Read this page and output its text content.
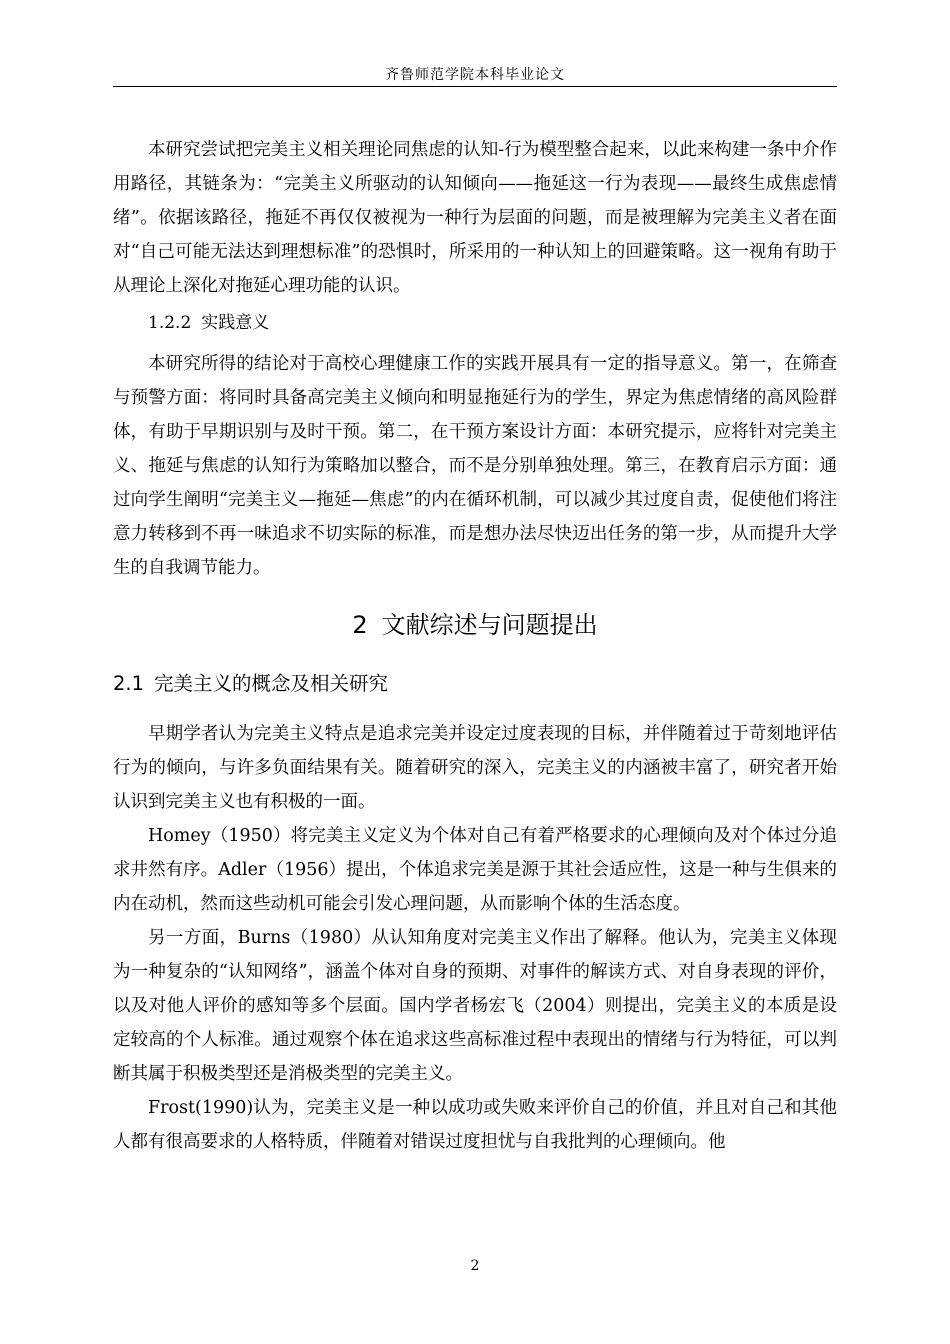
齐鲁师范学院本科毕业论文

本研究尝试把完美主义相关理论同焦虑的认知-行为模型整合起来，以此来构建一条中介作用路径，其链条为：“完美主义所驱动的认知倾向——拖延这一行为表现——最终生成焦虑情绪”。依据该路径，拖延不再仅仅被视为一种行为层面的问题，而是被理解为完美主义者在面对“自己可能无法达到理想标准”的恐惧时，所采用的一种认知上的回避策略。这一视角有助于从理论上深化对拖延心理功能的认识。

1.2.2 实践意义

本研究所得的结论对于高校心理健康工作的实践开展具有一定的指导意义。第一，在筛查与预警方面：将同时具备高完美主义倾向和明显拖延行为的学生，界定为焦虑情绪的高风险群体，有助于早期识别与及时干预。第二，在干预方案设计方面：本研究提示，应将针对完美主义、拖延与焦虑的认知行为策略加以整合，而不是分别单独处理。第三，在教育启示方面：通过向学生阐明“完美主义—拖延—焦虑”的内在循环机制，可以减少其过度自责，促使他们将注意力转移到不再一味追求不切实际的标准，而是想办法尽快迈出任务的第一步，从而提升大学生的自我调节能力。

2 文献综述与问题提出
2.1 完美主义的概念及相关研究

早期学者认为完美主义特点是追求完美并设定过度表现的目标，并伴随着过于苛刻地评估行为的倾向，与许多负面结果有关。随着研究的深入，完美主义的内涵被丰富了，研究者开始认识到完美主义也有积极的一面。

Homey（1950）将完美主义定义为个体对自己有着严格要求的心理倾向及对个体过分追求井然有序。Adler（1956）提出，个体追求完美是源于其社会适应性，这是一种与生俱来的内在动机，然而这些动机可能会引发心理问题，从而影响个体的生活态度。

另一方面，Burns（1980）从认知角度对完美主义作出了解释。他认为，完美主义体现为一种复杂的“认知网络”，涵盖个体对自身的预期、对事件的解读方式、对自身表现的评价，以及对他人评价的感知等多个层面。国内学者杨宏飞（2004）则提出，完美主义的本质是设定较高的个人标准。通过观察个体在追求这些高标准过程中表现出的情绪与行为特征，可以判断其属于积极类型还是消极类型的完美主义。

Frost(1990)认为，完美主义是一种以成功或失败来评价自己的价值，并且对自己和其他人都有很高要求的人格特质，伴随着对错误过度担忧与自我批判的心理倾向。他

2
